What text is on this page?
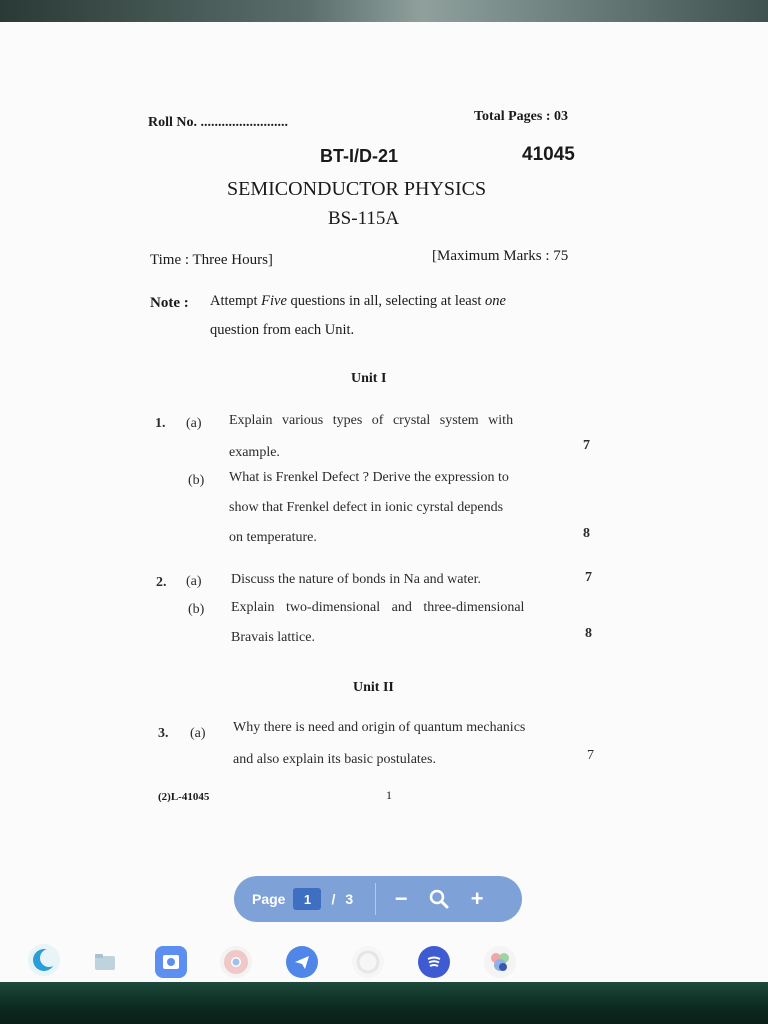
Roll No. .........................	Total Pages : 03
BT-I/D-21	41045
SEMICONDUCTOR PHYSICS
BS-115A
Time : Three Hours]	[Maximum Marks : 75
Note : Attempt Five questions in all, selecting at least one
question from each Unit.
Unit I
1. (a) Explain various types of crystal system with
example.	7
(b) What is Frenkel Defect ? Derive the expression to
show that Frenkel defect in ionic cyrstal depends
on temperature.	8
2. (a) Discuss the nature of bonds in Na and water.	7
(b) Explain two-dimensional and three-dimensional
Bravais lattice.	8
Unit II
3. (a) Why there is need and origin of quantum mechanics
and also explain its basic postulates.	7
(2)L-41045	1
Page	1	/ 3	−	+
